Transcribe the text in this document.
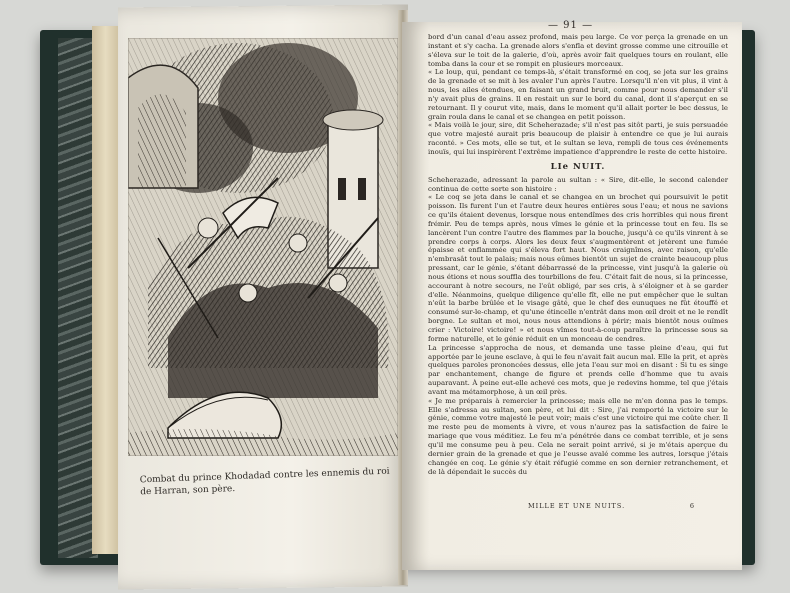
Combat du prince Khodadad contre les ennemis du roi de Harran, son père.
— 91 —

bord d'un canal d'eau assez profond, mais peu large. Ce vor perça la grenade en un instant et s'y cacha. La grenade alors s'enfla et devint grosse comme une citrouille et s'éleva sur le toit de la galerie, d'où, après avoir fait quelques tours en roulant, elle tomba dans la cour et se rompit en plusieurs morceaux.

« Le loup, qui, pendant ce temps-là, s'était transformé en coq, se jeta sur les grains de la grenade et se mit à les avaler l'un après l'autre. Lorsqu'il n'en vit plus, il vint à nous, les ailes étendues, en faisant un grand bruit, comme pour nous demander s'il n'y avait plus de grains. Il en restait un sur le bord du canal, dont il s'aperçut en se retournant. Il y courut vite, mais, dans le moment qu'il allait porter le bec dessus, le grain roula dans le canal et se changea en petit poisson.

« Mais voilà le jour, sire, dit Scheherazade; s'il n'est pas sitôt parti, je suis persuadée que votre majesté aurait pris beaucoup de plaisir à entendre ce que je lui aurais raconté. » Ces mots, elle se tut, et le sultan se leva, rempli de tous ces événements inouïs, qui lui inspirèrent l'extrême impatience d'apprendre le reste de cette histoire.

LIe NUIT.

Scheherazade, adressant la parole au sultan : « Sire, dit-elle, le second calender continua de cette sorte son histoire :

« Le coq se jeta dans le canal et se changea en un brochet qui poursuivit le petit poisson. Ils furent l'un et l'autre deux heures entières sous l'eau; et nous ne savions ce qu'ils étaient devenus, lorsque nous entendîmes des cris horribles qui nous firent frémir. Peu de temps après, nous vîmes le génie et la princesse tout en feu. Ils se lancèrent l'un contre l'autre des flammes par la bouche, jusqu'à ce qu'ils vinrent à se prendre corps à corps. Alors les deux feux s'augmentèrent et jetèrent une fumée épaisse et enflammée qui s'éleva fort haut. Nous craignîmes, avec raison, qu'elle n'embrasât tout le palais; mais nous eûmes bientôt un sujet de crainte beaucoup plus pressant, car le génie, s'étant débarrassé de la princesse, vint jusqu'à la galerie où nous étions et nous souffla des tourbillons de feu. C'était fait de nous, si la princesse, accourant à notre secours, ne l'eût obligé, par ses cris, à s'éloigner et à se garder d'elle. Néanmoins, quelque diligence qu'elle fît, elle ne put empêcher que le sultan n'eût la barbe brûlée et le visage gâté, que le chef des eunuques ne fût étouffé et consumé sur-le-champ, et qu'une étincelle n'entrât dans mon œil droit et ne le rendît borgne. Le sultan et moi, nous nous attendions à périr; mais bientôt nous ouïmes crier : Victoire! victoire! » et nous vîmes tout-à-coup paraître la princesse sous sa forme naturelle, et le génie réduit en un monceau de cendres.

La princesse s'approcha de nous, et demanda une tasse pleine d'eau, qui fut apportée par le jeune esclave, à qui le feu n'avait fait aucun mal. Elle la prit, et après quelques paroles prononcées dessus, elle jeta l'eau sur moi en disant : Si tu es singe par enchantement, change de figure et prends celle d'homme que tu avais auparavant. À peine eut-elle achevé ces mots, que je redevins homme, tel que j'étais avant ma métamorphose, à un œil près.

« Je me préparais à remercier la princesse; mais elle ne m'en donna pas le temps. Elle s'adressa au sultan, son père, et lui dit : Sire, j'ai remporté la victoire sur le génie, comme votre majesté le peut voir; mais c'est une victoire qui me coûte cher. Il me reste peu de moments à vivre, et vous n'aurez pas la satisfaction de faire le mariage que vous méditiez. Le feu m'a pénétrée dans ce combat terrible, et je sens qu'il me consume peu à peu. Cela ne serait point arrivé, si je m'étais aperçue du dernier grain de la grenade et que je l'eusse avalé comme les autres, lorsque j'étais changée en coq. Le génie s'y était réfugié comme en son dernier retranchement, et de là dépendait le succès du

MILLE ET UNE NUITS.	6
